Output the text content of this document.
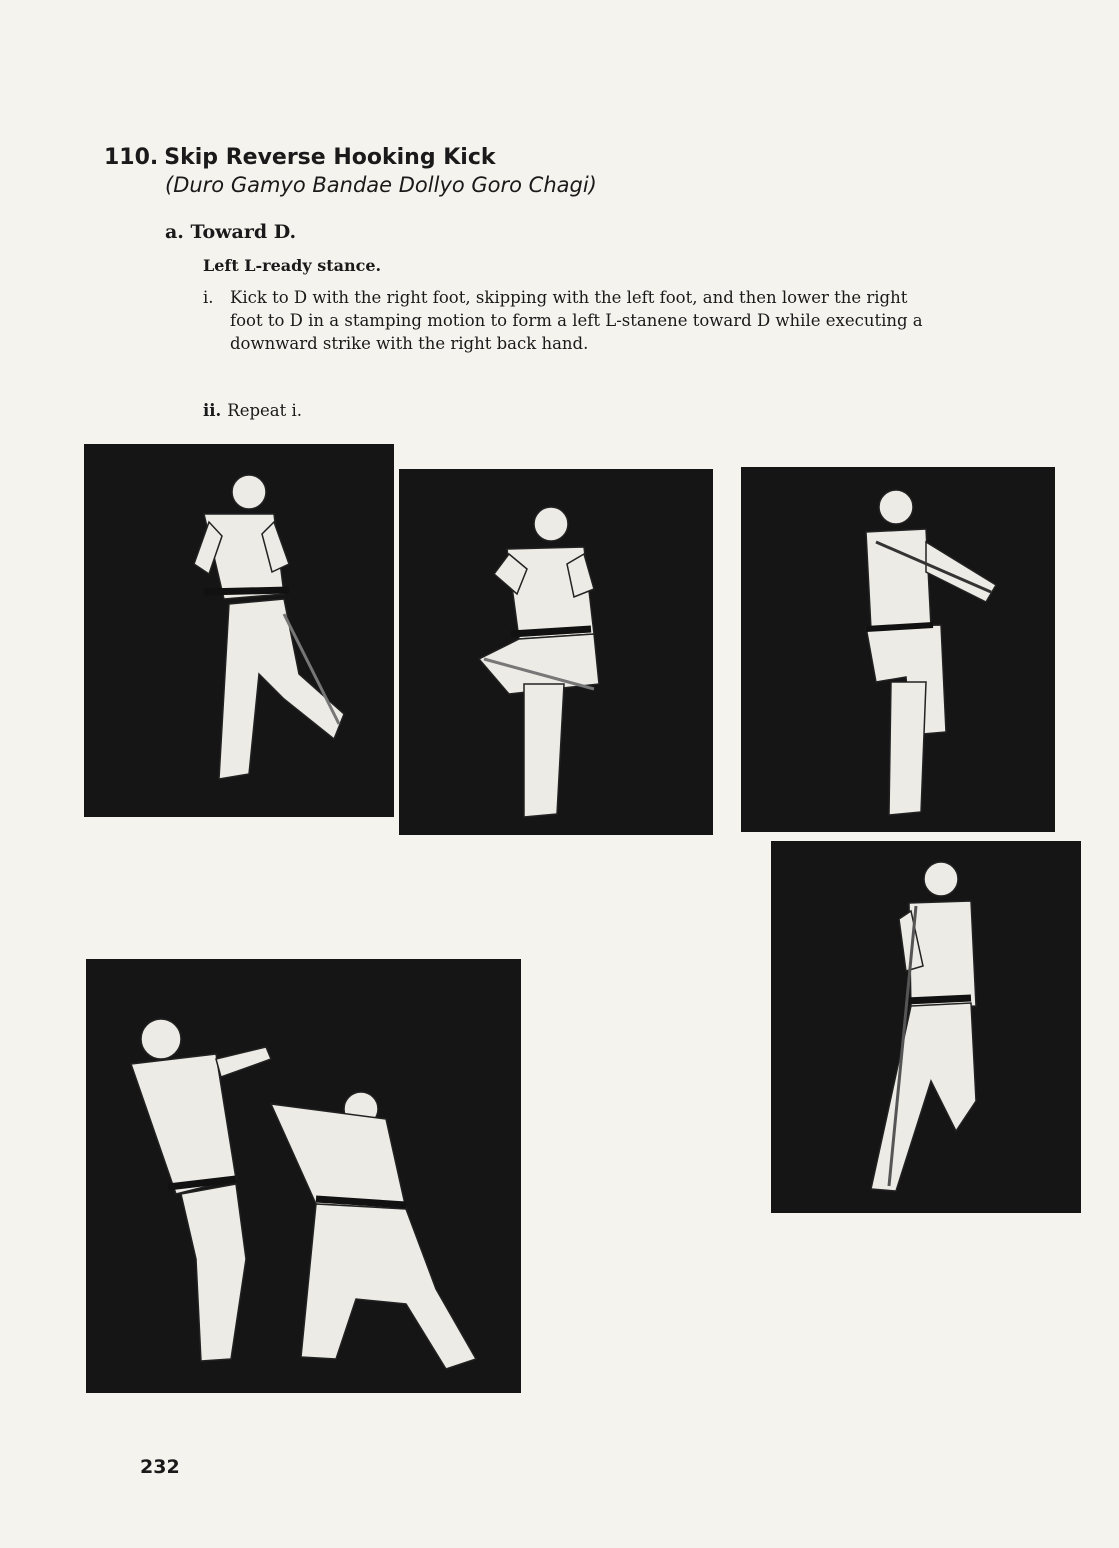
110. Skip Reverse Hooking Kick
(Duro Gamyo Bandae Dollyo Goro Chagi)
a. Toward D.
Left L-ready stance.
i. Kick to D with the right foot, skipping with the left foot, and then lower the right foot to D in a stamping motion to form a left L-stanene toward D while executing a downward strike with the right back hand.
ii. Repeat i.
232
